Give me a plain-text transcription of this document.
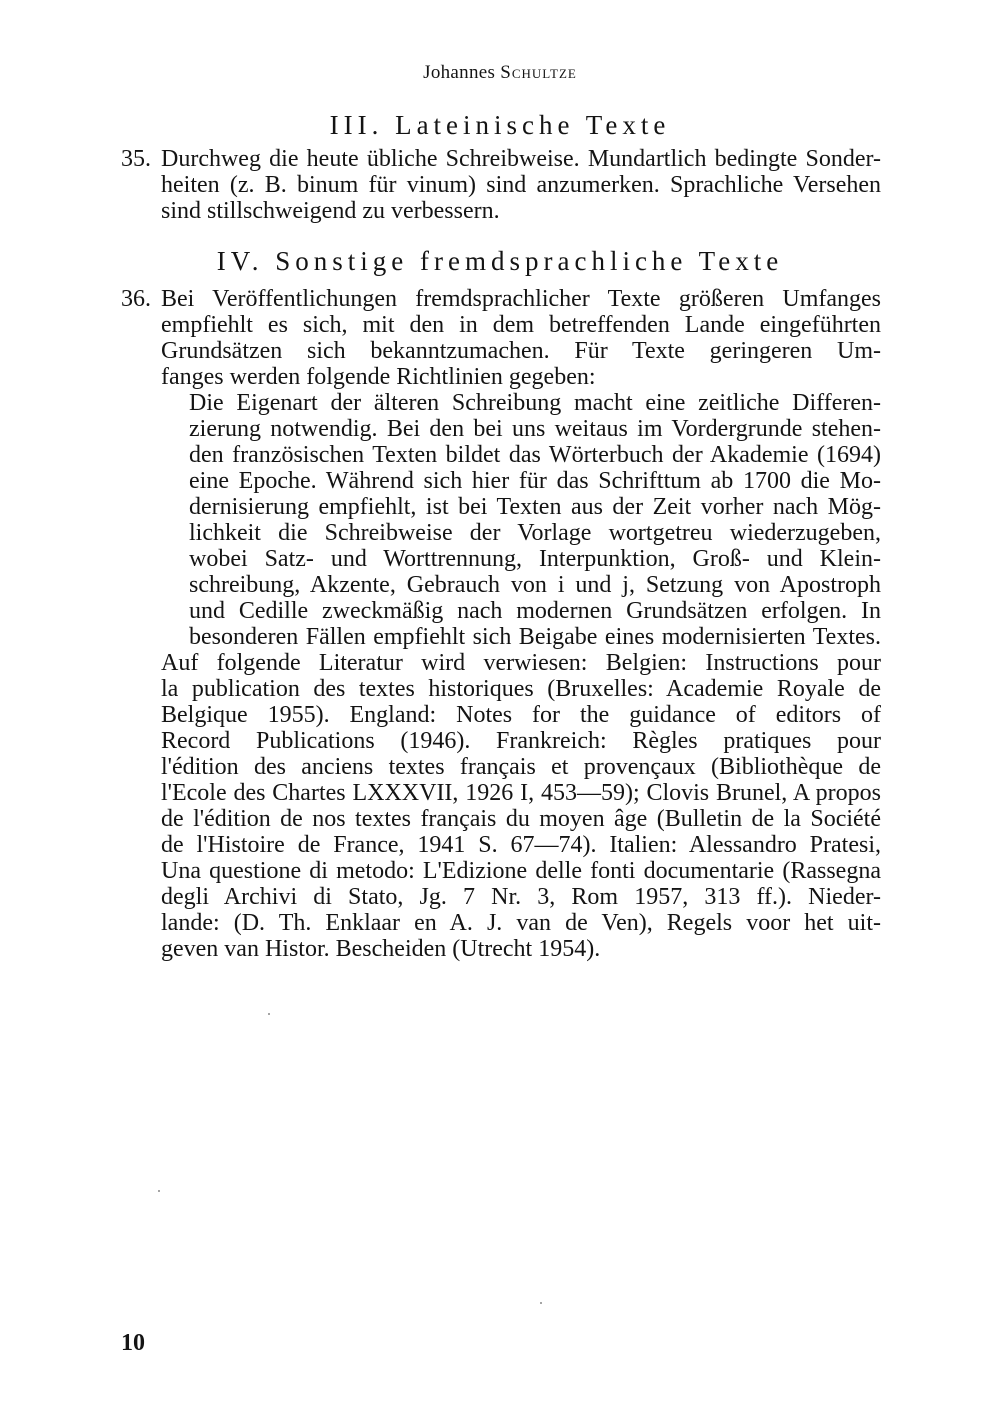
Johannes Schultze
III. Lateinische Texte
35. Durchweg die heute übliche Schreibweise. Mundartlich bedingte Sonder-
heiten (z. B. binum für vinum) sind anzumerken. Sprachliche Versehen
sind stillschweigend zu verbessern.
IV. Sonstige fremdsprachliche Texte
36. Bei Veröffentlichungen fremdsprachlicher Texte größeren Umfanges
empfiehlt es sich, mit den in dem betreffenden Lande eingeführten
Grundsätzen sich bekanntzumachen. Für Texte geringeren Um-
fanges werden folgende Richtlinien gegeben:
Die Eigenart der älteren Schreibung macht eine zeitliche Differen-
zierung notwendig. Bei den bei uns weitaus im Vordergrunde stehen-
den französischen Texten bildet das Wörterbuch der Akademie (1694)
eine Epoche. Während sich hier für das Schrifttum ab 1700 die Mo-
dernisierung empfiehlt, ist bei Texten aus der Zeit vorher nach Mög-
lichkeit die Schreibweise der Vorlage wortgetreu wiederzugeben,
wobei Satz- und Worttrennung, Interpunktion, Groß- und Klein-
schreibung, Akzente, Gebrauch von i und j, Setzung von Apostroph
und Cedille zweckmäßig nach modernen Grundsätzen erfolgen. In
besonderen Fällen empfiehlt sich Beigabe eines modernisierten Textes.
Auf folgende Literatur wird verwiesen: Belgien: Instructions pour
la publication des textes historiques (Bruxelles: Academie Royale de
Belgique 1955). England: Notes for the guidance of editors of
Record Publications (1946). Frankreich: Règles pratiques pour
l'édition des anciens textes français et provençaux (Bibliothèque de
l'Ecole des Chartes LXXXVII, 1926 I, 453—59); Clovis Brunel, A propos
de l'édition de nos textes français du moyen âge (Bulletin de la Société
de l'Histoire de France, 1941 S. 67—74). Italien: Alessandro Pratesi,
Una questione di metodo: L'Edizione delle fonti documentarie (Rassegna
degli Archivi di Stato, Jg. 7 Nr. 3, Rom 1957, 313 ff.). Nieder-
lande: (D. Th. Enklaar en A. J. van de Ven), Regels voor het uit-
geven van Histor. Bescheiden (Utrecht 1954).
10
